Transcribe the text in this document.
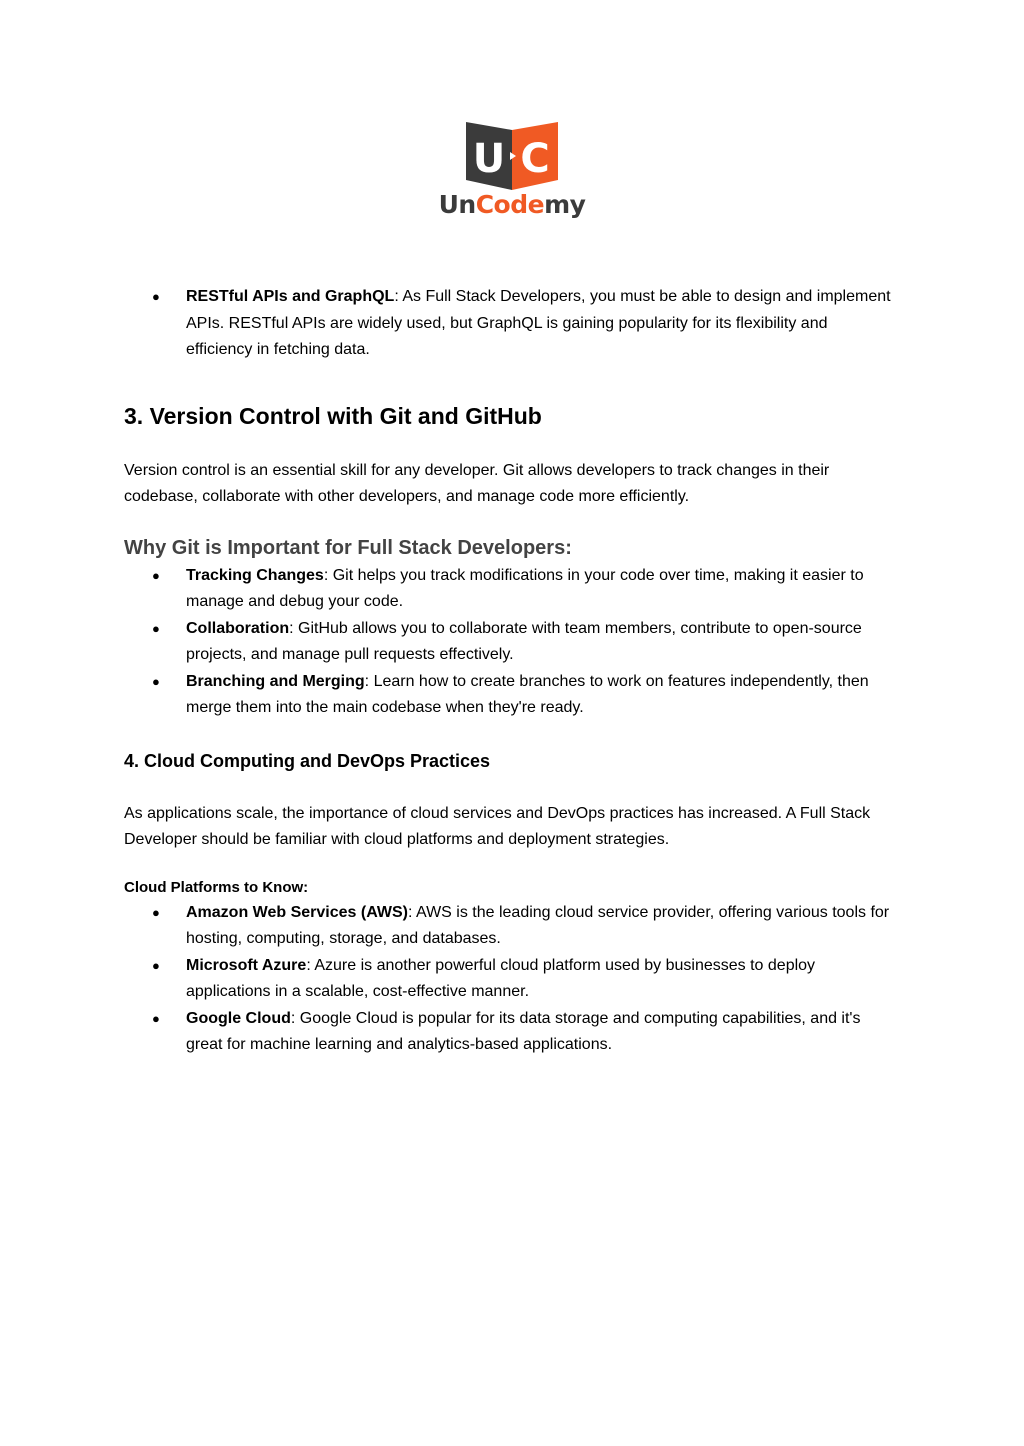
U C
UnCodemy
● RESTful APIs and GraphQL: As Full Stack Developers, you must be able to design and implement APIs. RESTful APIs are widely used, but GraphQL is gaining popularity for its flexibility and efficiency in fetching data.
3. Version Control with Git and GitHub

Version control is an essential skill for any developer. Git allows developers to track changes in their codebase, collaborate with other developers, and manage code more efficiently.

Why Git is Important for Full Stack Developers:
● Tracking Changes: Git helps you track modifications in your code over time, making it easier to manage and debug your code.
● Collaboration: GitHub allows you to collaborate with team members, contribute to open-source projects, and manage pull requests effectively.
● Branching and Merging: Learn how to create branches to work on features independently, then merge them into the main codebase when they're ready.
4. Cloud Computing and DevOps Practices

As applications scale, the importance of cloud services and DevOps practices has increased. A Full Stack Developer should be familiar with cloud platforms and deployment strategies.

Cloud Platforms to Know:
● Amazon Web Services (AWS): AWS is the leading cloud service provider, offering various tools for hosting, computing, storage, and databases.
● Microsoft Azure: Azure is another powerful cloud platform used by businesses to deploy applications in a scalable, cost-effective manner.
● Google Cloud: Google Cloud is popular for its data storage and computing capabilities, and it's great for machine learning and analytics-based applications.
